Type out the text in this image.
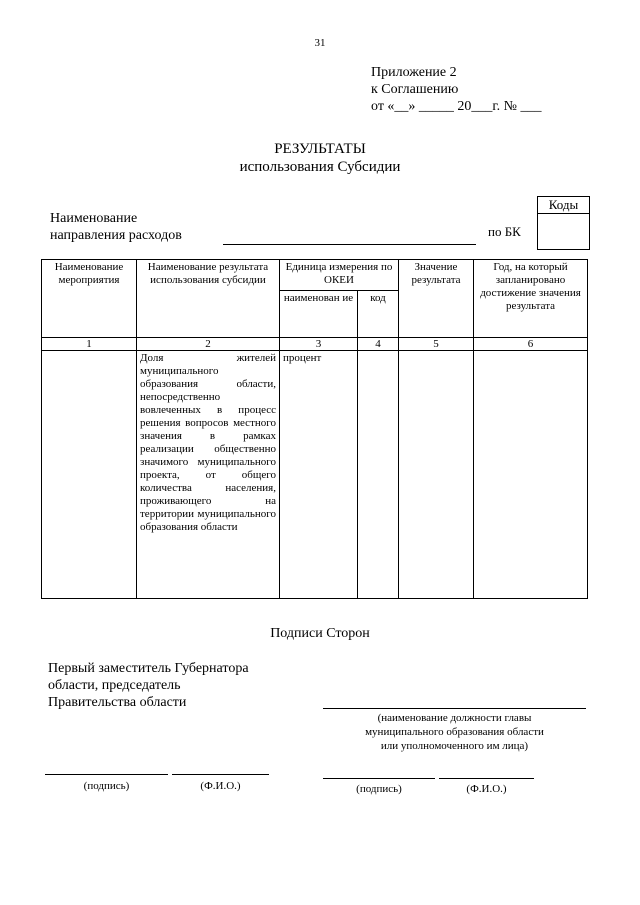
31
Приложение 2
к Соглашению
от «__» _____ 20___г. № ___
РЕЗУЛЬТАТЫ
использования Субсидии
Коды
Наименование
направления расходов	по БК
Наименование мероприятия	Наименование результата использования субсидии	Единица измерения по ОКЕИ		Значение результата	Год, на который запланировано достижение значения результата
		наименован ие	код		
1	2	3	4	5	6
	Доля жителей муниципального образования области, непосредственно вовлеченных в процесс решения вопросов местного значения в рамках реализации общественно значимого муниципального проекта, от общего количества населения, проживающего на территории муниципального образования области	процент			
Подписи Сторон
Первый заместитель Губернатора
области, председатель
Правительства области
(наименование должности главы
муниципального образования области
или уполномоченного им лица)
(подпись)	(Ф.И.О.)	(подпись)	(Ф.И.О.)
